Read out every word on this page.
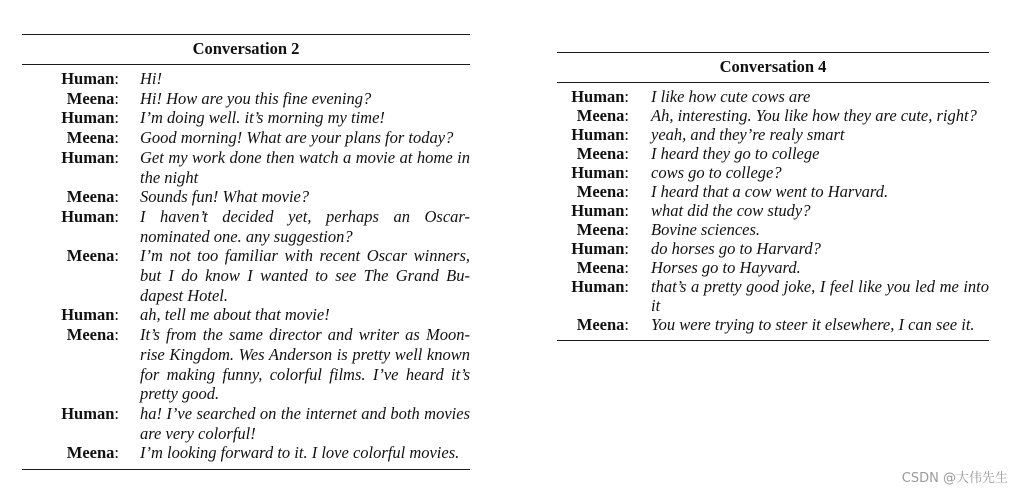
Conversation 2
Human: Hi!
Meena: Hi! How are you this fine evening?
Human: I’m doing well. it’s morning my time!
Meena: Good morning! What are your plans for today?
Human: Get my work done then watch a movie at home in the night
Meena: Sounds fun! What movie?
Human: I haven’t decided yet, perhaps an Oscar-nominated one. any suggestion?
Meena: I’m not too familiar with recent Oscar winners, but I do know I wanted to see The Grand Budapest Hotel.
Human: ah, tell me about that movie!
Meena: It’s from the same director and writer as Moonrise Kingdom. Wes Anderson is pretty well known for making funny, colorful films. I’ve heard it’s pretty good.
Human: ha! I’ve searched on the internet and both movies are very colorful!
Meena: I’m looking forward to it. I love colorful movies.
Conversation 4
Human: I like how cute cows are
Meena: Ah, interesting. You like how they are cute, right?
Human: yeah, and they’re realy smart
Meena: I heard they go to college
Human: cows go to college?
Meena: I heard that a cow went to Harvard.
Human: what did the cow study?
Meena: Bovine sciences.
Human: do horses go to Harvard?
Meena: Horses go to Hayvard.
Human: that’s a pretty good joke, I feel like you led me into it
Meena: You were trying to steer it elsewhere, I can see it.
CSDN @大伟先生
